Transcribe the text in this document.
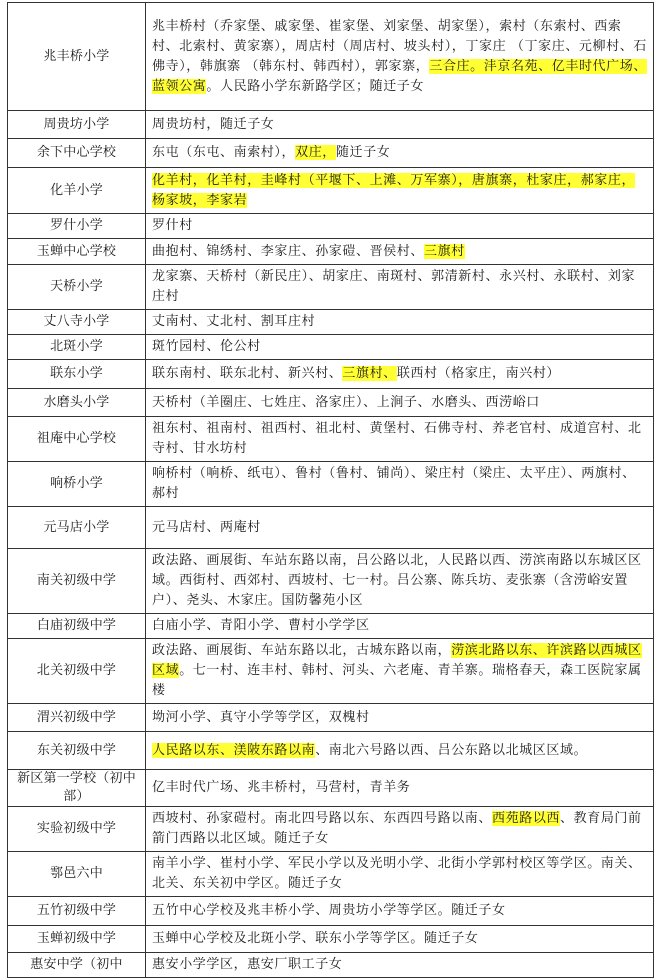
兆丰桥小学	兆丰桥村（乔家堡、戚家堡、崔家堡、刘家堡、胡家堡），索村（东索村、西索村、北索村、黄家寨），周店村（周店村、坡头村），丁家庄 （丁家庄、元柳村、石佛寺），韩旗寨 （韩东村、韩西村），郭家寨，三合庄。沣京名苑、亿丰时代广场、蓝领公寓。人民路小学东新路学区；随迁子女
周贵坊小学	周贵坊村，随迁子女
余下中心学校	东屯（东屯、南索村），双庄，随迁子女
化羊小学	化羊村，化羊村，圭峰村（平堰下、上滩、万军寨），唐旗寨，杜家庄，郝家庄，杨家坡，李家岩
罗什小学	罗什村
玉蝉中心学校	曲抱村、锦绣村、李家庄、孙家磑、晋侯村、三旗村
天桥小学	龙家寨、天桥村（新民庄）、胡家庄、南斑村、郭清新村、永兴村、永联村、刘家庄村
丈八寺小学	丈南村、丈北村、割耳庄村
北斑小学	斑竹园村、伦公村
联东小学	联东南村、联东北村、新兴村、三旗村、联西村（格家庄，南兴村）
水磨头小学	天桥村（羊圈庄、七姓庄、洛家庄）、上涧子、水磨头、西涝峪口
祖庵中心学校	祖东村、祖南村、祖西村、祖北村、黄堡村、石佛寺村、养老官村、成道宫村、北寺村、甘水坊村
响桥小学	响桥村（响桥、纸屯）、鲁村（鲁村、铺尚）、梁庄村（梁庄、太平庄）、两旗村、郝村
元马店小学	元马店村、两庵村
南关初级中学	政法路、画展街、车站东路以南，吕公路以北，人民路以西、涝滨南路以东城区区域。西街村、西郊村、西坡村、七一村。吕公寨、陈兵坊、麦张寨（含涝峪安置户）、尧头、木家庄。国防馨苑小区
白庙初级中学	白庙小学、青阳小学、曹村小学学区
北关初级中学	政法路、画展街、车站东路以北，古城东路以南，涝滨北路以东、许滨路以西城区区域。七一村、连丰村、韩村、河头、六老庵、青羊寨。瑞格春天，森工医院家属楼
渭兴初级中学	坳河小学、真守小学等学区，双槐村
东关初级中学	人民路以东、渼陂东路以南、南北六号路以西、吕公东路以北城区区域。
新区第一学校（初中部）	亿丰时代广场、兆丰桥村，马营村，青羊务
实验初级中学	西坡村、孙家磑村。南北四号路以东、东西四号路以南、西苑路以西、教育局门前箭门西路以北区域。随迁子女
鄠邑六中	南羊小学、崔村小学、军民小学以及光明小学、北街小学郭村校区等学区。南关、北关、东关初中学区。随迁子女
五竹初级中学	五竹中心学校及兆丰桥小学、周贵坊小学等学区。随迁子女
玉蝉初级中学	玉蝉中心学校及北斑小学、联东小学等学区。随迁子女
惠安中学（初中	惠安小学学区，惠安厂职工子女
